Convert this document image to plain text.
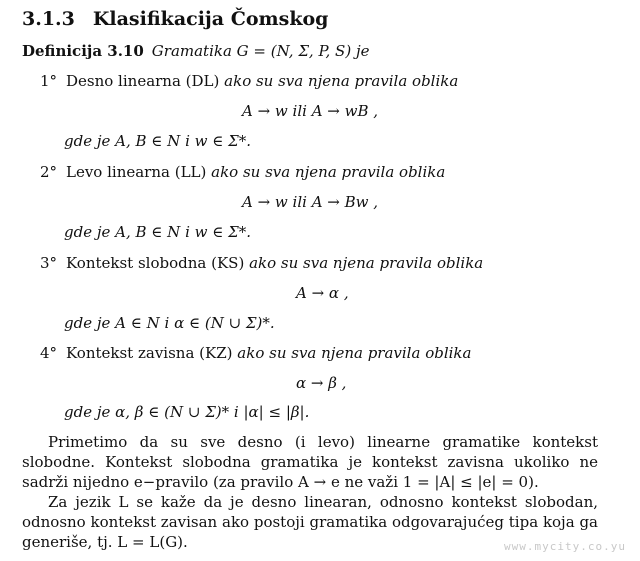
3.1.3 Klasifikacija Čomskog
Definicija 3.10 Gramatika G = (N, Σ, P, S) je
1° Desno linearna (DL) ako su sva njena pravila oblika
A → w ili A → wB ,
gde je A, B ∈ N i w ∈ Σ*.
2° Levo linearna (LL) ako su sva njena pravila oblika
A → w ili A → Bw ,
gde je A, B ∈ N i w ∈ Σ*.
3° Kontekst slobodna (KS) ako su sva njena pravila oblika
A → α ,
gde je A ∈ N i α ∈ (N ∪ Σ)*.
4° Kontekst zavisna (KZ) ako su sva njena pravila oblika
α → β ,
gde je α, β ∈ (N ∪ Σ)* i |α| ≤ |β|.
Primetimo da su sve desno (i levo) linearne gramatike kontekst slobodne. Kontekst slobodna gramatika je kontekst zavisna ukoliko ne sadrži nijedno e−pravilo (za pravilo A → e ne važi 1 = |A| ≤ |e| = 0).
Za jezik L se kaže da je desno linearan, odnosno kontekst slobodan, odnosno kontekst zavisan ako postoji gramatika odgovarajućeg tipa koja ga generiše, tj. L = L(G).	www.mycity.co.yu
